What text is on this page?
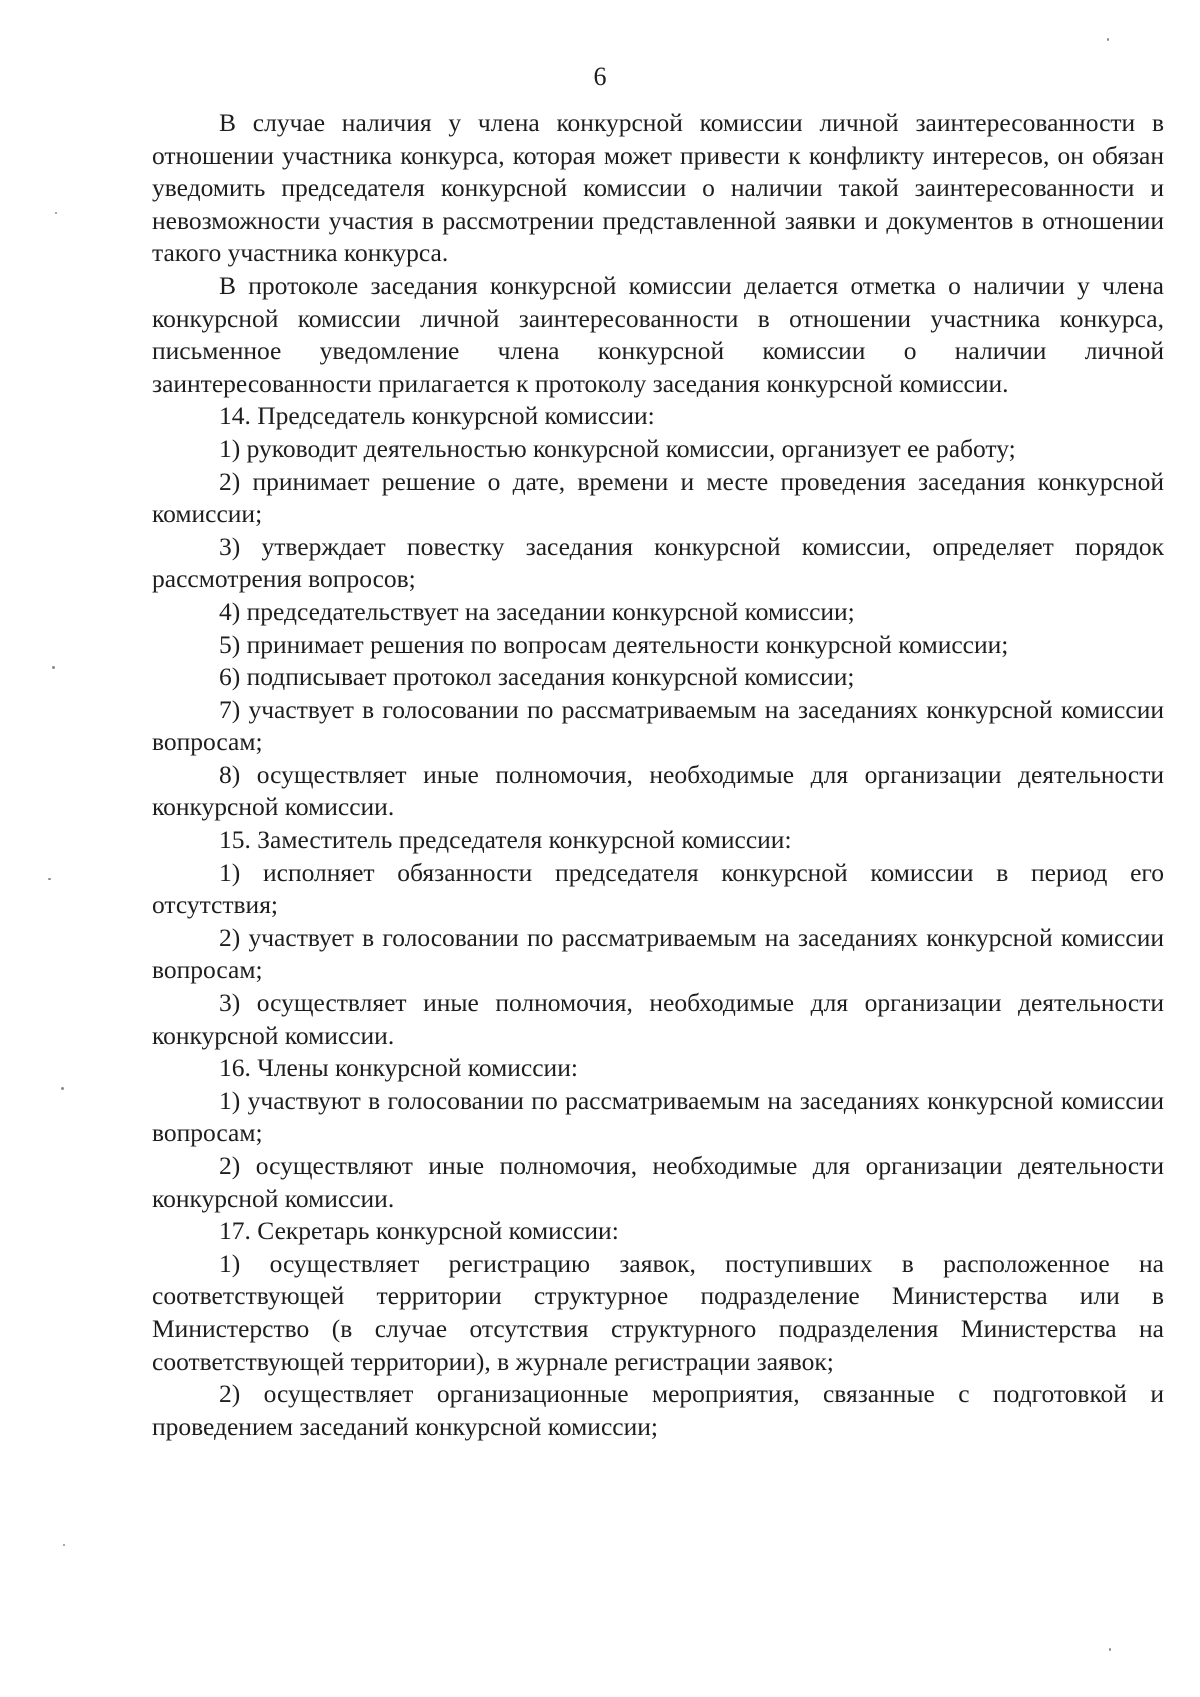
6

В случае наличия у члена конкурсной комиссии личной заинтересованности в отношении участника конкурса, которая может привести к конфликту интересов, он обязан уведомить председателя конкурсной комиссии о наличии такой заинтересованности и невозможности участия в рассмотрении представленной заявки и документов в отношении такого участника конкурса.

В протоколе заседания конкурсной комиссии делается отметка о наличии у члена конкурсной комиссии личной заинтересованности в отношении участника конкурса, письменное уведомление члена конкурсной комиссии о наличии личной заинтересованности прилагается к протоколу заседания конкурсной комиссии.

14. Председатель конкурсной комиссии:

1) руководит деятельностью конкурсной комиссии, организует ее работу;

2) принимает решение о дате, времени и месте проведения заседания конкурсной комиссии;

3) утверждает повестку заседания конкурсной комиссии, определяет порядок рассмотрения вопросов;

4) председательствует на заседании конкурсной комиссии;

5) принимает решения по вопросам деятельности конкурсной комиссии;

6) подписывает протокол заседания конкурсной комиссии;

7) участвует в голосовании по рассматриваемым на заседаниях конкурсной комиссии вопросам;

8) осуществляет иные полномочия, необходимые для организации деятельности конкурсной комиссии.

15. Заместитель председателя конкурсной комиссии:

1) исполняет обязанности председателя конкурсной комиссии в период его отсутствия;

2) участвует в голосовании по рассматриваемым на заседаниях конкурсной комиссии вопросам;

3) осуществляет иные полномочия, необходимые для организации деятельности конкурсной комиссии.

16. Члены конкурсной комиссии:

1) участвуют в голосовании по рассматриваемым на заседаниях конкурсной комиссии вопросам;

2) осуществляют иные полномочия, необходимые для организации деятельности конкурсной комиссии.

17. Секретарь конкурсной комиссии:

1) осуществляет регистрацию заявок, поступивших в расположенное на соответствующей территории структурное подразделение Министерства или в Министерство (в случае отсутствия структурного подразделения Министерства на соответствующей территории), в журнале регистрации заявок;

2) осуществляет организационные мероприятия, связанные с подготовкой и проведением заседаний конкурсной комиссии;
